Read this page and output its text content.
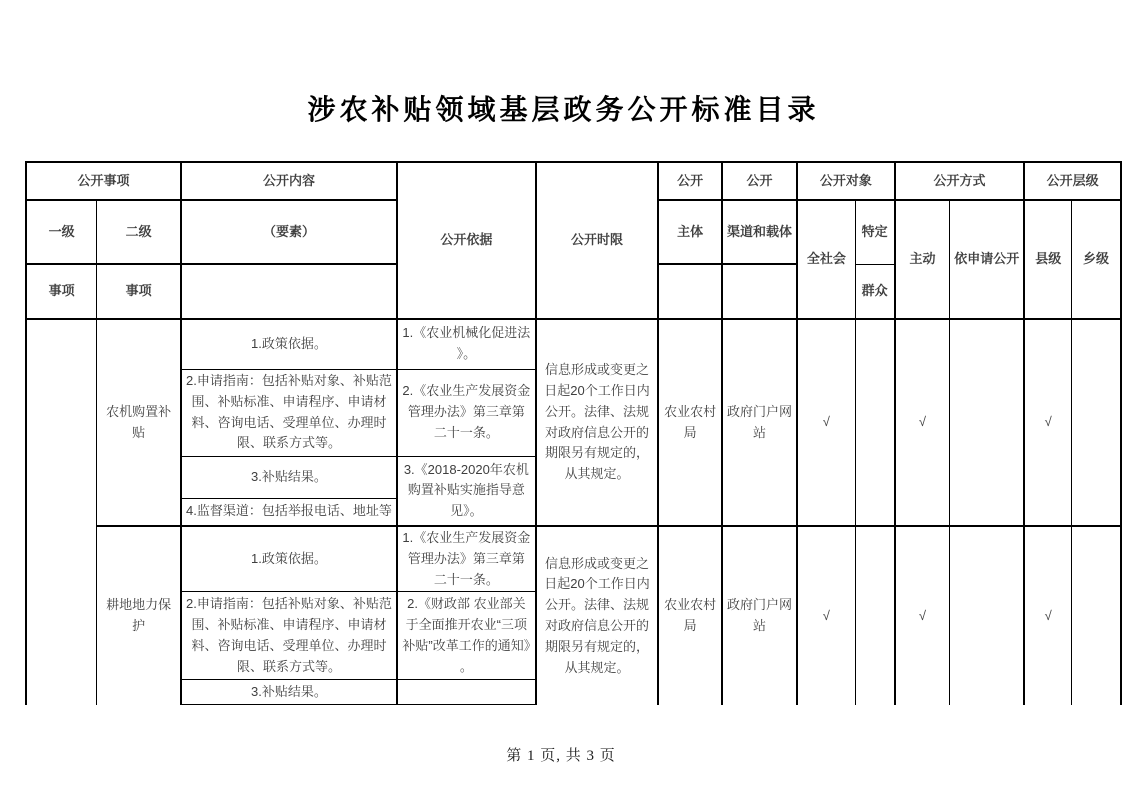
涉农补贴领域基层政务公开标准目录
公开事项		公开内容	公开依据	公开时限	公开	公开	公开对象		公开方式		公开层级	
一级	二级	（要素）			主体	渠道和载体	全社会	特定	主动	依申请公开	县级	乡级
事项	事项							群众				
	农机购置补贴	1.政策依据。	1.《农业机械化促进法》。	信息形成或变更之日起20个工作日内公开。法律、法规对政府信息公开的期限另有规定的，从其规定。	农业农村局	政府门户网站	√		√		√	
		2.申请指南：包括补贴对象、补贴范围、补贴标准、申请程序、申请材料、咨询电话、受理单位、办理时限、联系方式等。	2.《农业生产发展资金管理办法》第三章第二十一条。									
		3.补贴结果。	3.《2018-2020年农机购置补贴实施指导意见》。									
		4.监督渠道：包括举报电话、地址等										
	耕地地力保护	1.政策依据。	1.《农业生产发展资金管理办法》第三章第二十一条。	信息形成或变更之日起20个工作日内公开。法律、法规对政府信息公开的期限另有规定的，从其规定。	农业农村局	政府门户网站	√		√		√	
		2.申请指南：包括补贴对象、补贴范围、补贴标准、申请程序、申请材料、咨询电话、受理单位、办理时限、联系方式等。	2.《财政部 农业部关于全面推开农业“三项补贴”改革工作的通知》。									
		3.补贴结果。										
第 1 页, 共 3 页
